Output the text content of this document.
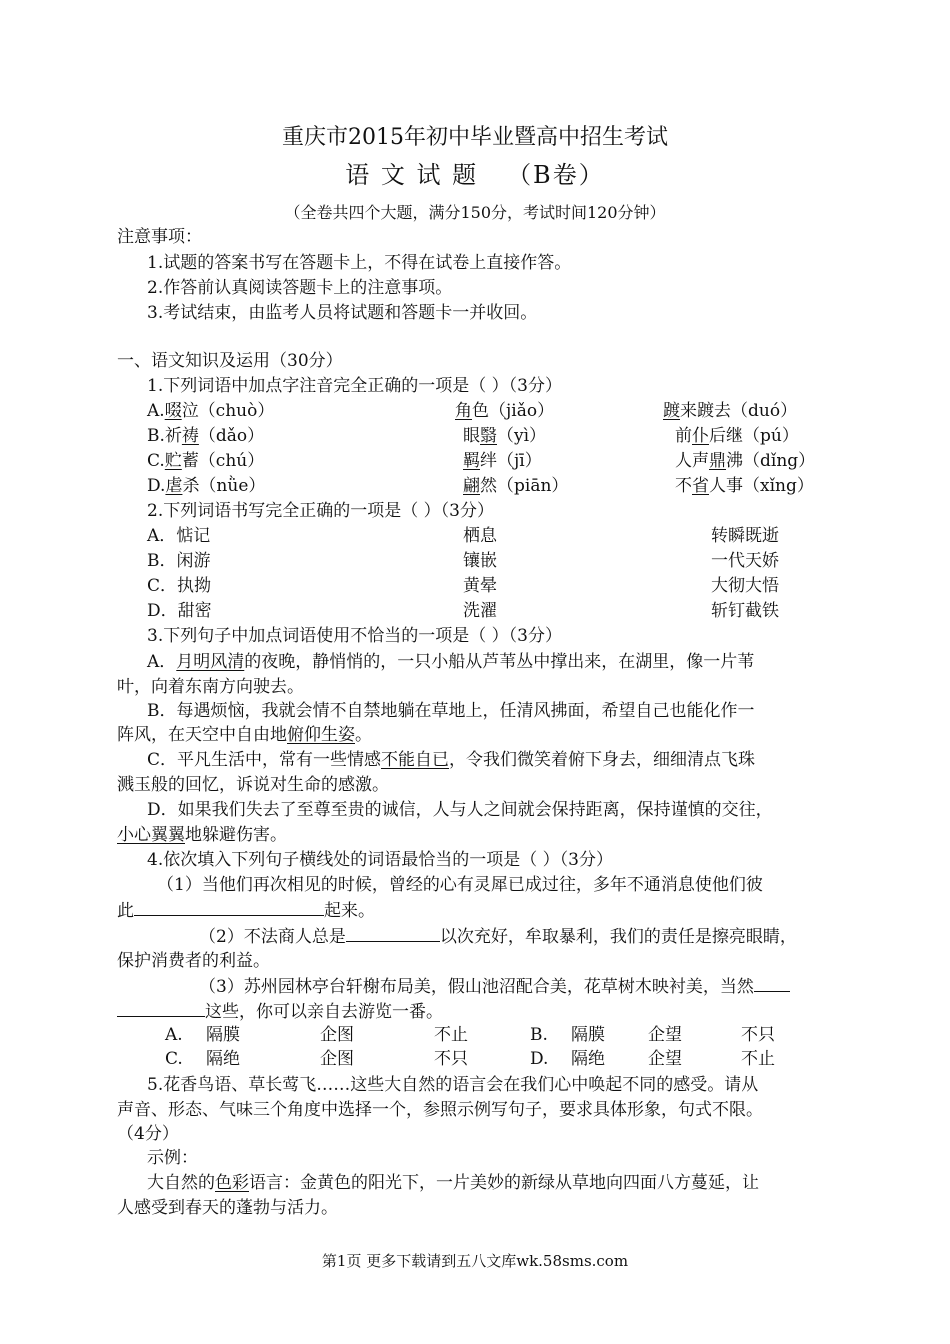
重庆市2015年初中毕业暨高中招生考试
语 文 试 题 （B卷）
（全卷共四个大题，满分150分，考试时间120分钟）
注意事项：
1.试题的答案书写在答题卡上，不得在试卷上直接作答。
2.作答前认真阅读答题卡上的注意事项。
3.考试结束，由监考人员将试题和答题卡一并收回。
一、语文知识及运用（30分）
1.下列词语中加点字注音完全正确的一项是（ ）（3分）
A.啜泣（chuò）	角色（jiǎo）	踱来踱去（duó）
B.祈祷（dǎo）	眼翳（yì）	前仆后继（pú）
C.贮蓄（chú）	羁绊（jī）	人声鼎沸（dǐng）
D.虐杀（nǜe）	翩然（piān）	不省人事（xǐng）
2.下列词语书写完全正确的一项是（ ）（3分）
A．惦记	栖息	转瞬既逝
B．闲游	镶嵌	一代天娇
C．执拗	黄晕	大彻大悟
D．甜密	洗濯	斩钉截铁
3.下列句子中加点词语使用不恰当的一项是（ ）（3分）
A．月明风清的夜晚，静悄悄的，一只小船从芦苇丛中撑出来，在湖里，像一片苇
叶，向着东南方向驶去。
B．每遇烦恼，我就会情不自禁地躺在草地上，任清风拂面，希望自己也能化作一
阵风，在天空中自由地俯仰生姿。
C．平凡生活中，常有一些情感不能自已，令我们微笑着俯下身去，细细清点飞珠
溅玉般的回忆，诉说对生命的感激。
D．如果我们失去了至尊至贵的诚信，人与人之间就会保持距离，保持谨慎的交往，
小心翼翼地躲避伤害。
4.依次填入下列句子横线处的词语最恰当的一项是（ ）（3分）
（1）当他们再次相见的时候，曾经的心有灵犀已成过往，多年不通消息使他们彼
此	起来。
（2）不法商人总是	以次充好，牟取暴利，我们的责任是擦亮眼睛，
保护消费者的利益。
（3）苏州园林亭台轩榭布局美，假山池沼配合美，花草树木映衬美，当然
这些，你可以亲自去游览一番。
A. 隔膜	企图	不止	B. 隔膜	企望	不只
C. 隔绝	企图	不只	D. 隔绝	企望	不止
5.花香鸟语、草长莺飞……这些大自然的语言会在我们心中唤起不同的感受。请从
声音、形态、气味三个角度中选择一个，参照示例写句子，要求具体形象，句式不限。
（4分）
示例：
大自然的色彩语言：金黄色的阳光下，一片美妙的新绿从草地向四面八方蔓延，让
人感受到春天的蓬勃与活力。
第1页 更多下载请到五八文库wk.58sms.com
